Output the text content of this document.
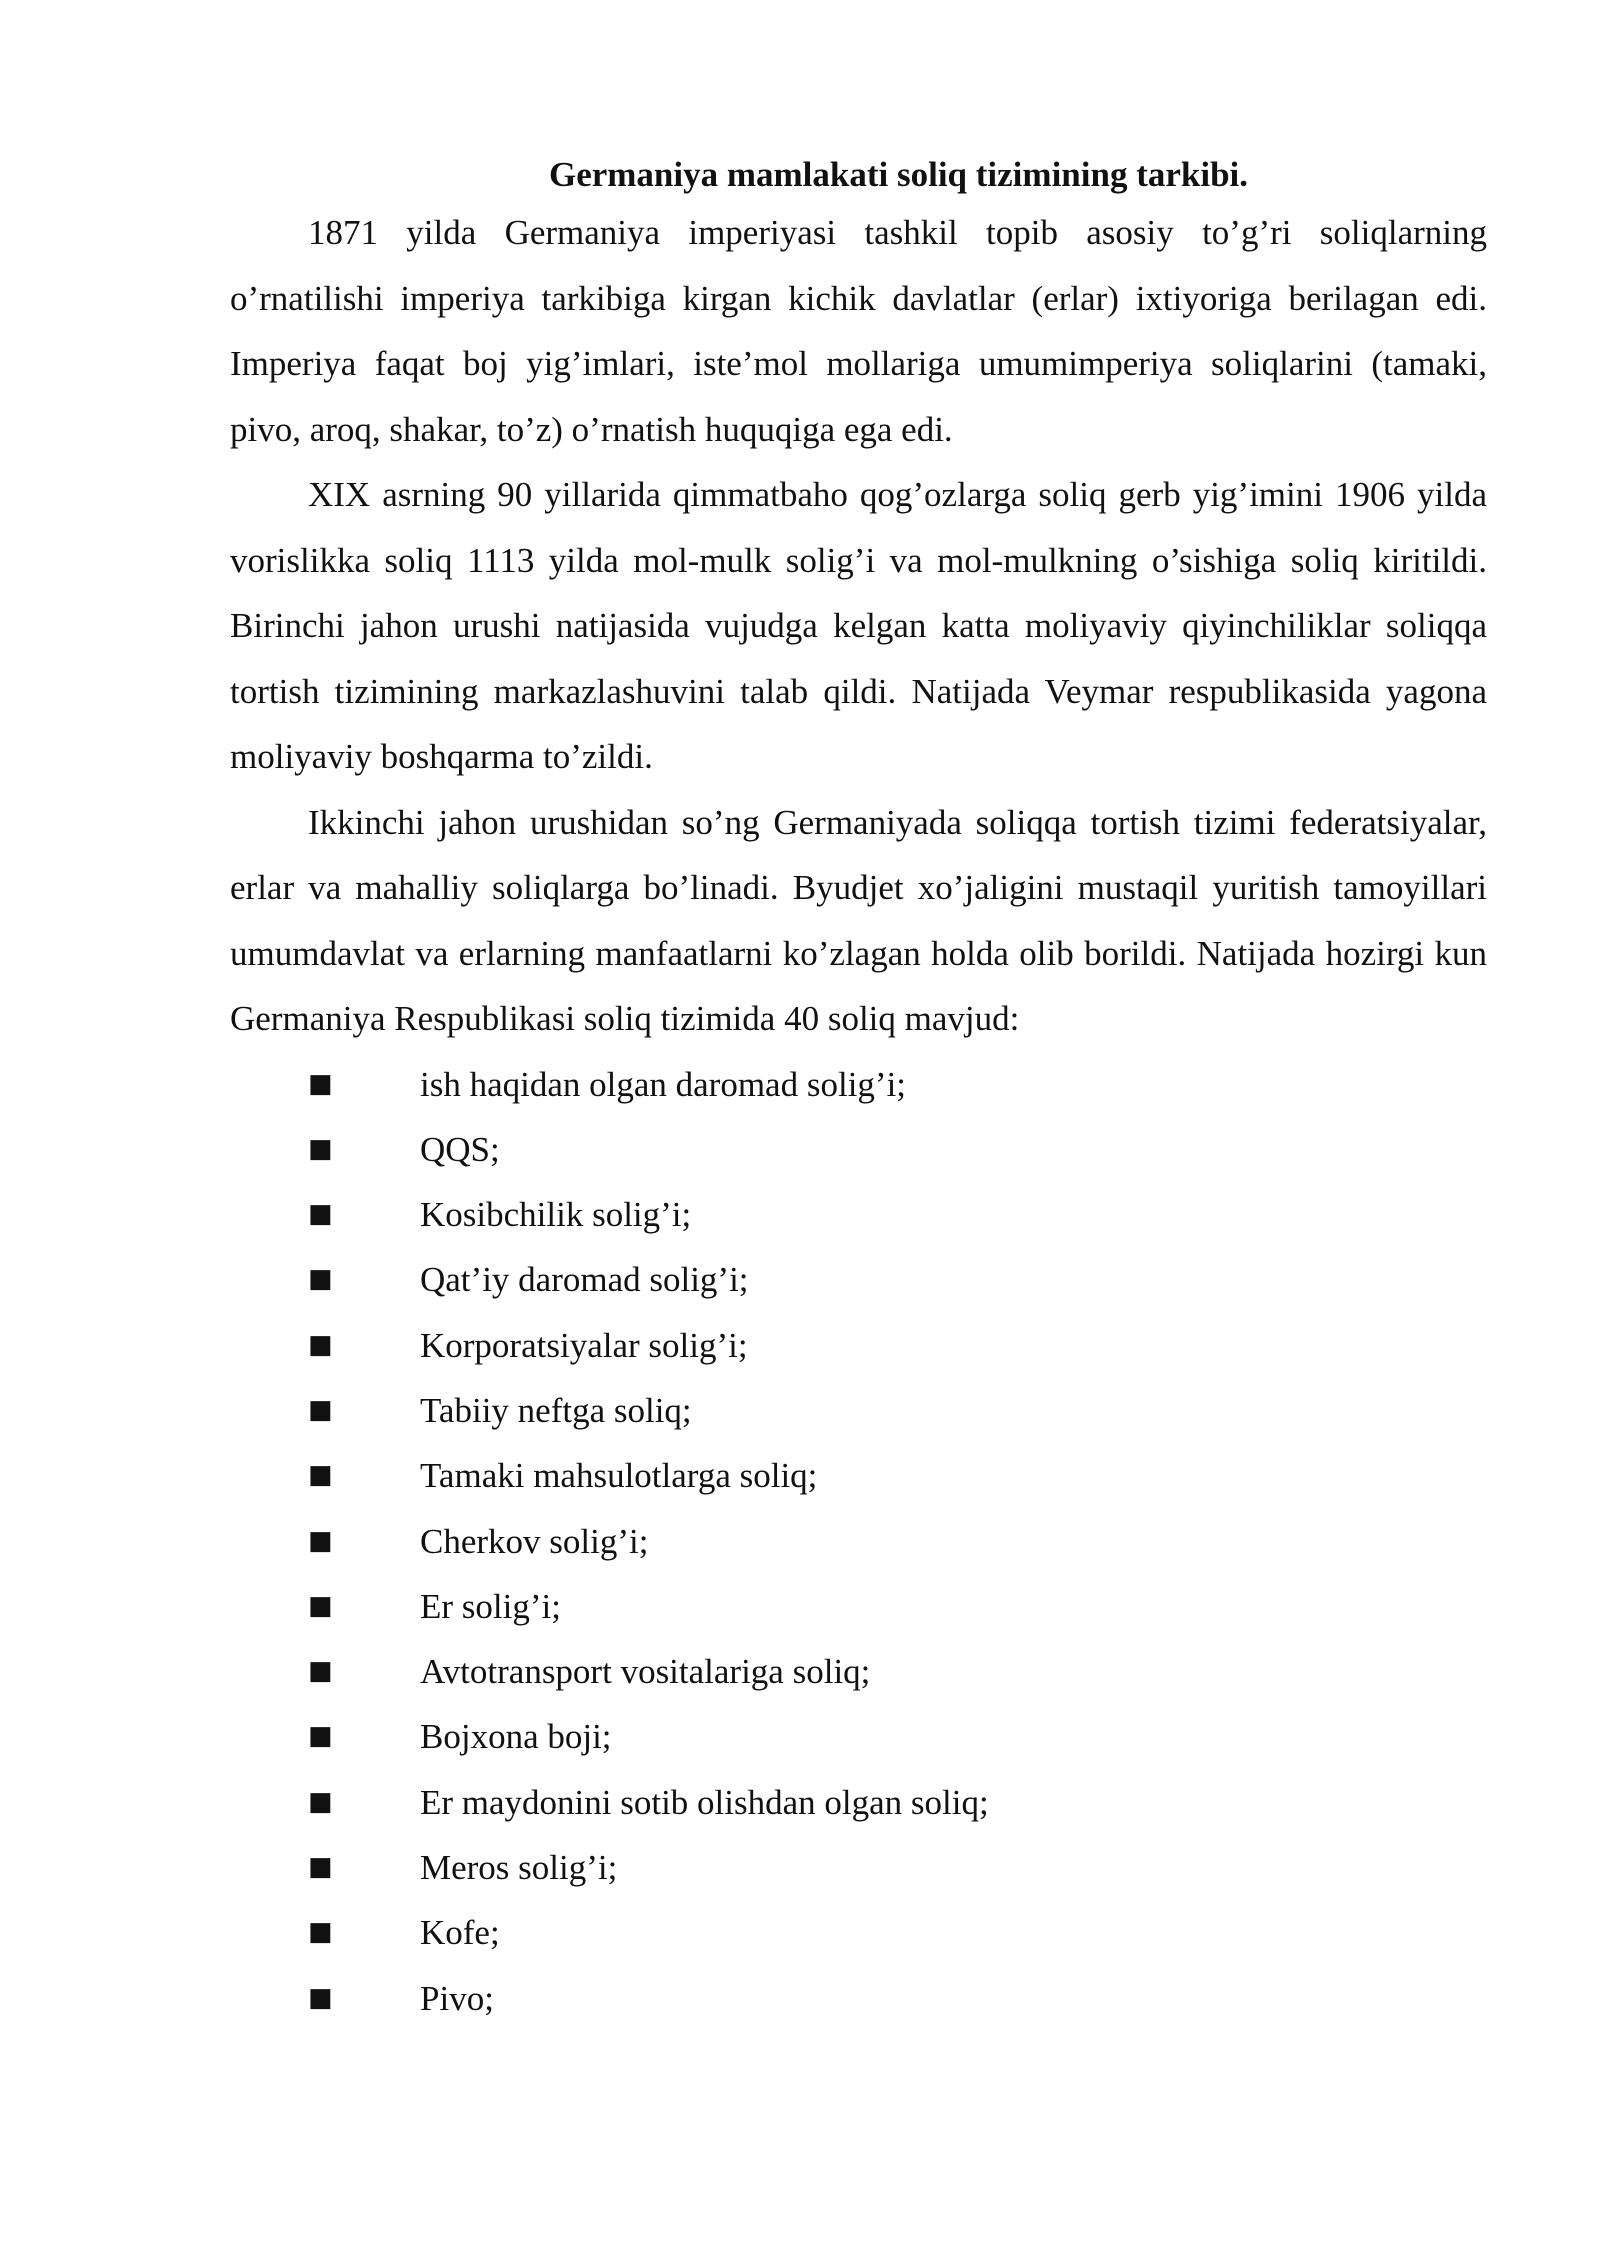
Germaniya mamlakati soliq tizimining tarkibi.

1871 yilda Germaniya imperiyasi tashkil topib asosiy to’g’ri soliqlarning o’rnatilishi imperiya tarkibiga kirgan kichik davlatlar (erlar) ixtiyoriga berilagan edi. Imperiya faqat boj yig’imlari, iste’mol mollariga umumimperiya soliqlarini (tamaki, pivo, aroq, shakar, to’z) o’rnatish huquqiga ega edi.

XIX asrning 90 yillarida qimmatbaho qog’ozlarga soliq gerb yig’imini 1906 yilda vorislikka soliq 1113 yilda mol-mulk solig’i va mol-mulkning o’sishiga soliq kiritildi. Birinchi jahon urushi natijasida vujudga kelgan katta moliyaviy qiyinchiliklar soliqqa tortish tizimining markazlashuvini talab qildi. Natijada Veymar respublikasida yagona moliyaviy boshqarma to’zildi.

Ikkinchi jahon urushidan so’ng Germaniyada soliqqa tortish tizimi federatsiyalar, erlar va mahalliy soliqlarga bo’linadi. Byudjet xo’jaligini mustaqil yuritish tamoyillari umumdavlat va erlarning manfaatlarni ko’zlagan holda olib borildi. Natijada hozirgi kun Germaniya Respublikasi soliq tizimida 40 soliq mavjud:

■ ish haqidan olgan daromad solig’i;
■ QQS;
■ Kosibchilik solig’i;
■ Qat’iy daromad solig’i;
■ Korporatsiyalar solig’i;
■ Tabiiy neftga soliq;
■ Tamaki mahsulotlarga soliq;
■ Cherkov solig’i;
■ Er solig’i;
■ Avtotransport vositalariga soliq;
■ Bojxona boji;
■ Er maydonini sotib olishdan olgan soliq;
■ Meros solig’i;
■ Kofe;
■ Pivo;
